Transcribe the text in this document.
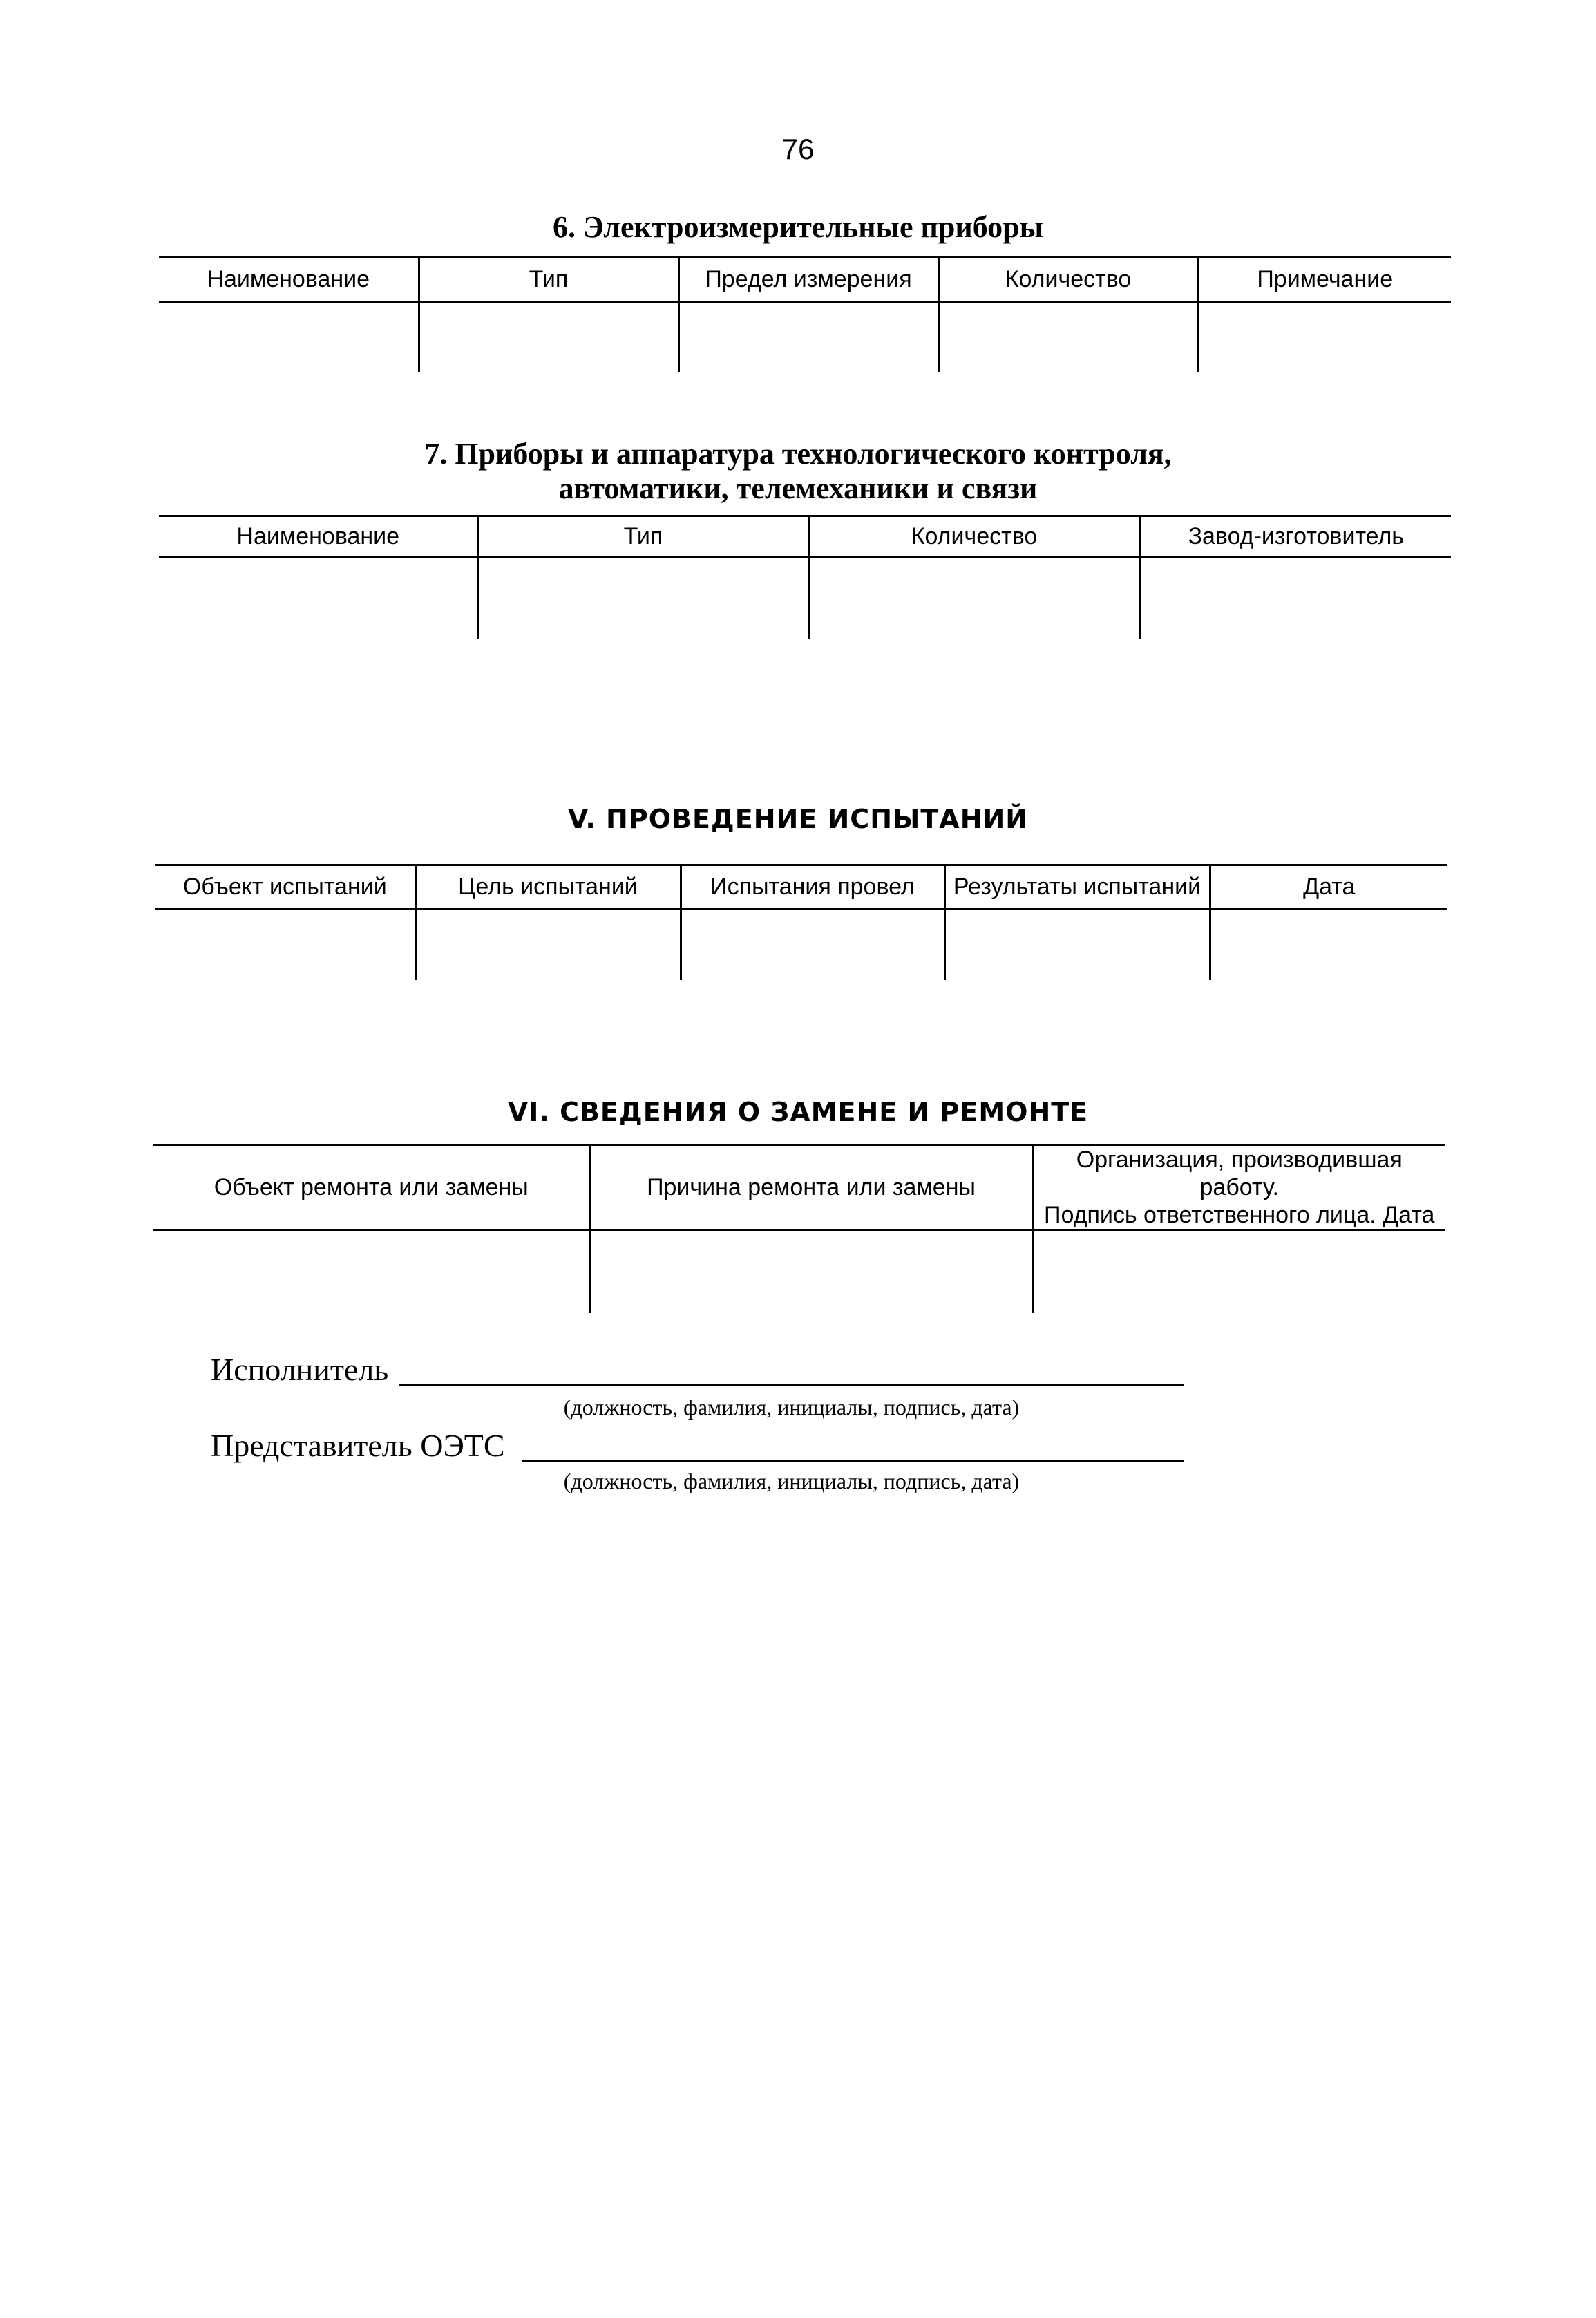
76
6. Электроизмерительные приборы
Наименование	Тип	Предел измерения	Количество	Примечание

7. Приборы и аппаратура технологического контроля,
автоматики, телемеханики и связи
Наименование	Тип	Количество	Завод-изготовитель

V. ПРОВЕДЕНИЕ ИСПЫТАНИЙ
Объект испытаний	Цель испытаний	Испытания провел	Результаты испытаний	Дата

VI. СВЕДЕНИЯ О ЗАМЕНЕ И РЕМОНТЕ
Объект ремонта или замены	Причина ремонта или замены	Организация, производившая работу.
Подпись ответственного лица. Дата

Исполнитель
(должность, фамилия, инициалы, подпись, дата)
Представитель ОЭТС
(должность, фамилия, инициалы, подпись, дата)
